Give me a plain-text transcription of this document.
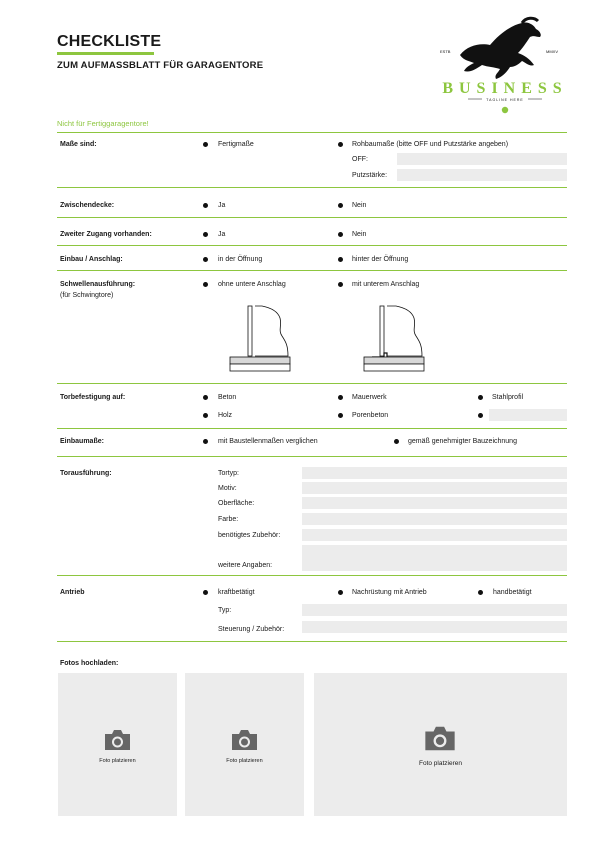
CHECKLISTE
ZUM AUFMASSBLATT FÜR GARAGENTORE
ESTB	MMXV
BUSINESS
TAGLINE HERE
Nicht für Fertiggaragentore!
Maße sind:	Fertigmaße	Rohbaumaße (bitte OFF und Putzstärke angeben)
OFF:
Putzstärke:
Zwischendecke:	Ja	Nein
Zweiter Zugang vorhanden:	Ja	Nein
Einbau / Anschlag:	in der Öffnung	hinter der Öffnung
Schwellenausführung:
(für Schwingtore)
ohne untere Anschlag	mit unterem Anschlag
Torbefestigung auf:	Beton	Mauerwerk	Stahlprofil
Holz	Porenbeton
Einbaumaße:	mit Baustellenmaßen verglichen	gemäß genehmigter Bauzeichnung
Torausführung:	Tortyp:
Motiv:
Oberfläche:
Farbe:
benötigtes Zubehör:
weitere Angaben:
Antrieb	kraftbetätigt	Nachrüstung mit Antrieb	handbetätigt
Typ:
Steuerung / Zubehör:
Fotos hochladen:
Foto platzieren	Foto platzieren	Foto platzieren
